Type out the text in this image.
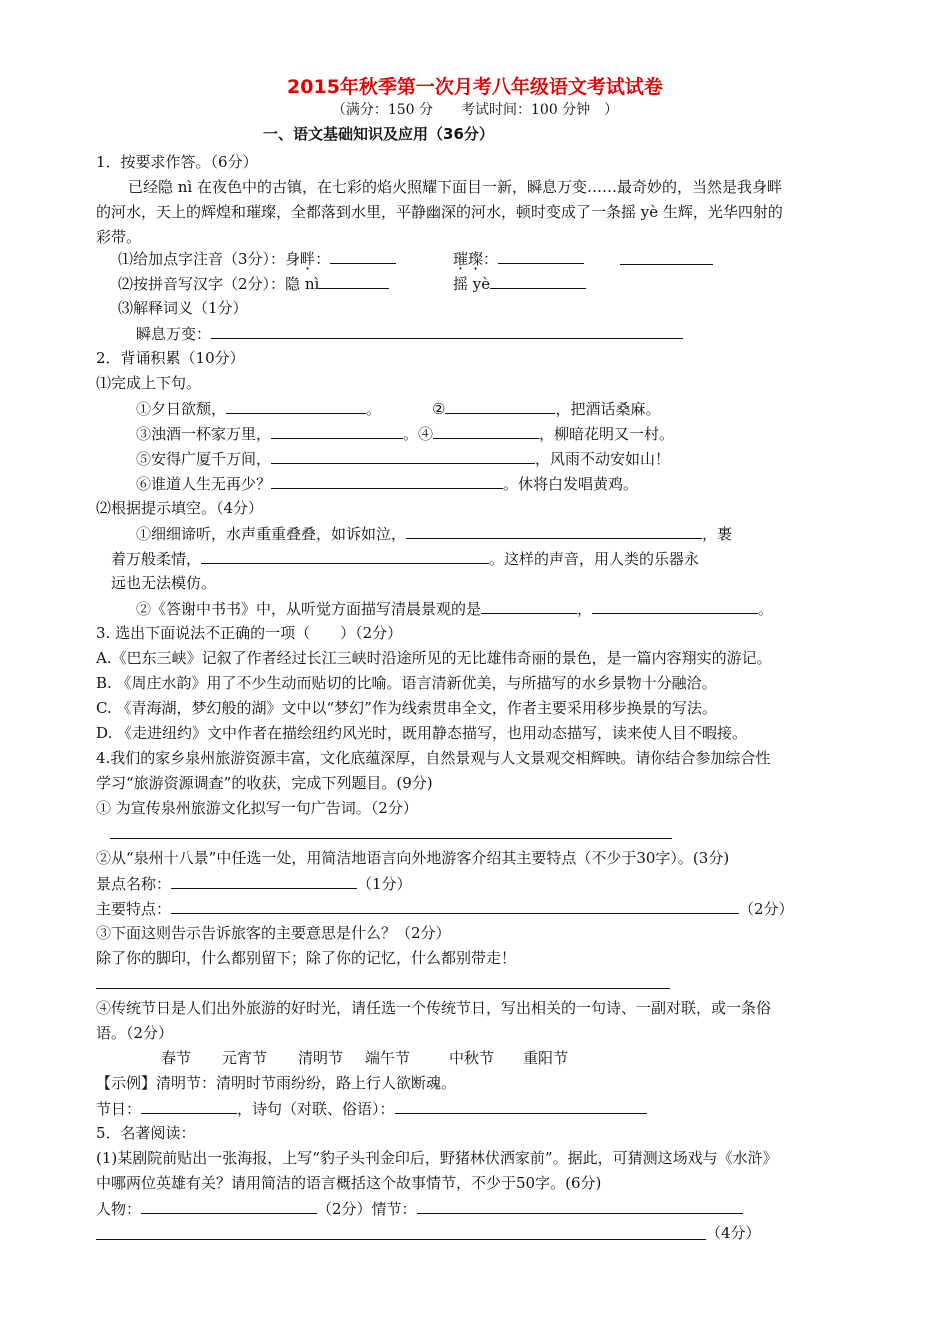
2015年秋季第一次月考八年级语文考试试卷
（满分：150 分　　考试时间：100 分钟　）
一、语文基础知识及应用（36分）
1．按要求作答。（6分）
已经隐 nì 在夜色中的古镇，在七彩的焰火照耀下面目一新，瞬息万变……最奇妙的，当然是我身畔
的河水，天上的辉煌和璀璨，全都落到水里，平静幽深的河水，顿时变成了一条摇 yè 生辉，光华四射的
彩带。
⑴给加点字注音（3分）：身畔：	璀璨：
⑵按拼音写汉字（2分）：隐 nì	摇 yè
⑶解释词义（1分）
瞬息万变：
2．背诵积累（10分）
⑴完成上下句。
①夕日欲颓，	。	②	，把酒话桑麻。
③浊酒一杯家万里，	。④	，柳暗花明又一村。
⑤安得广厦千万间，	，风雨不动安如山！
⑥谁道人生无再少？	。休将白发唱黄鸡。
⑵根据提示填空。（4分）
①细细谛听，水声重重叠叠，如诉如泣，	，裹
着万般柔情，	。这样的声音，用人类的乐器永
远也无法模仿。
②《答谢中书书》中，从听觉方面描写清晨景观的是	，	。
3. 选出下面说法不正确的一项（　　）（2分）
A.《巴东三峡》记叙了作者经过长江三峡时沿途所见的无比雄伟奇丽的景色，是一篇内容翔实的游记。
B. 《周庄水韵》用了不少生动而贴切的比喻。语言清新优美，与所描写的水乡景物十分融洽。
C. 《青海湖，梦幻般的湖》文中以“梦幻”作为线索贯串全文，作者主要采用移步换景的写法。
D. 《走进纽约》文中作者在描绘纽约风光时，既用静态描写，也用动态描写，读来使人目不暇接。
4.我们的家乡泉州旅游资源丰富，文化底蕴深厚，自然景观与人文景观交相辉映。请你结合参加综合性
学习“旅游资源调查”的收获，完成下列题目。(9分)
① 为宣传泉州旅游文化拟写一句广告词。（2分）
②从“泉州十八景”中任选一处，用简洁地语言向外地游客介绍其主要特点（不少于30字）。(3分)
景点名称：	（1分）
主要特点：	（2分）
③下面这则告示告诉旅客的主要意思是什么？（2分）
除了你的脚印，什么都别留下；除了你的记忆，什么都别带走！
④传统节日是人们出外旅游的好时光，请任选一个传统节日，写出相关的一句诗、一副对联，或一条俗
语。（2分）
春节 元宵节 清明节 端午节	中秋节 重阳节
【示例】清明节：清明时节雨纷纷，路上行人欲断魂。
节日：	，诗句（对联、俗语）：
5．名著阅读：
(1)某剧院前贴出一张海报，上写“豹子头刊金印后，野猪林伏洒家前”。据此，可猜测这场戏与《水浒》
中哪两位英雄有关？请用简洁的语言概括这个故事情节，不少于50字。(6分)
人物：	（2分）情节：
（4分）
